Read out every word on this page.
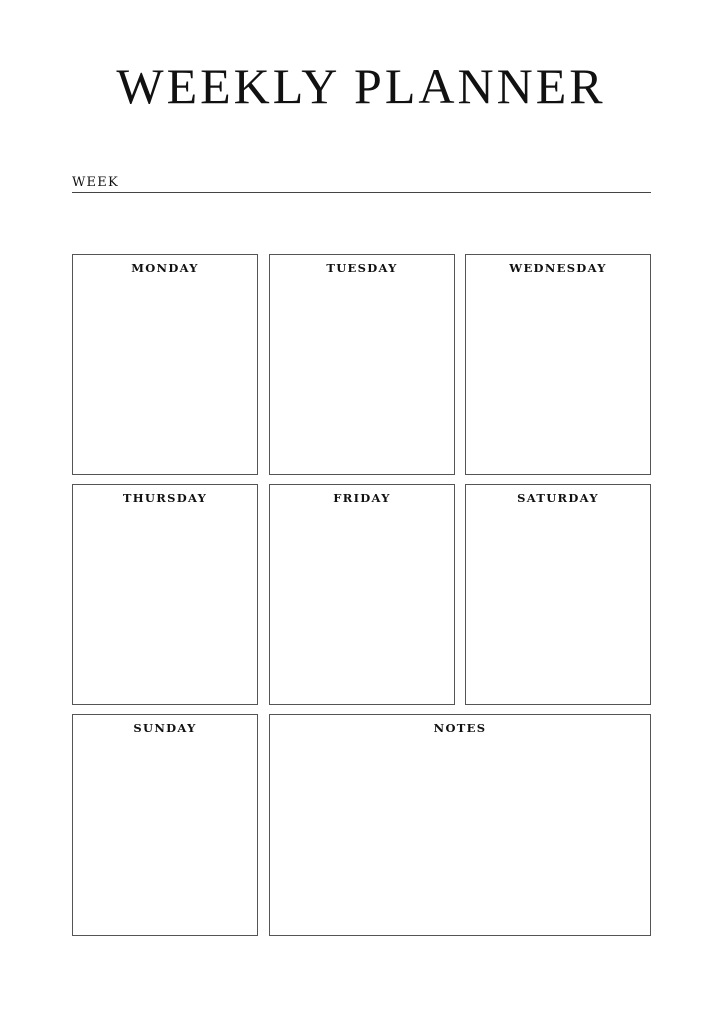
WEEKLY PLANNER
WEEK
MONDAY	TUESDAY	WEDNESDAY
THURSDAY	FRIDAY	SATURDAY
SUNDAY	NOTES
